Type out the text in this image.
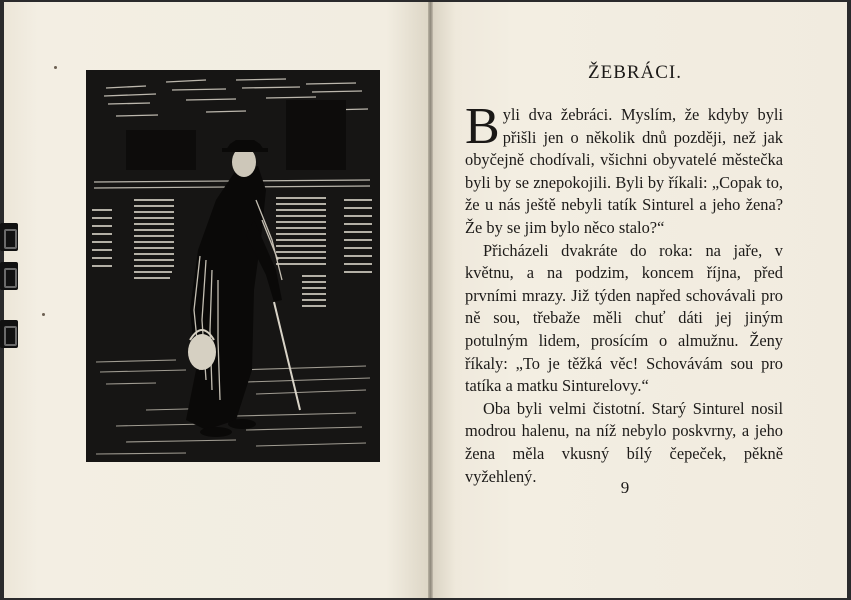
ŽEBRÁCI.

Byli dva žebráci. Myslím, že kdyby byli přišli jen o několik dnů později, než jak obyčejně chodívali, všichni obyvatelé městečka byli by se znepokojili. Byli by říkali: „Copak to, že u nás ještě nebyli tatík Sinturel a jeho žena? Že by se jim bylo něco stalo?“

Přicházeli dvakráte do roka: na jaře, v květnu, a na podzim, koncem října, před prvními mrazy. Již týden napřed schovávali pro ně sou, třebaže měli chuť dáti jej jiným potulným lidem, prosícím o almužnu. Ženy říkaly: „To je těžká věc! Schovávám sou pro tatíka a matku Sinturelovy.“

Oba byli velmi čistotní. Starý Sinturel nosil modrou halenu, na níž nebylo poskvrny, a jeho žena měla vkusný bílý čepeček, pěkně vyžehlený.

9
